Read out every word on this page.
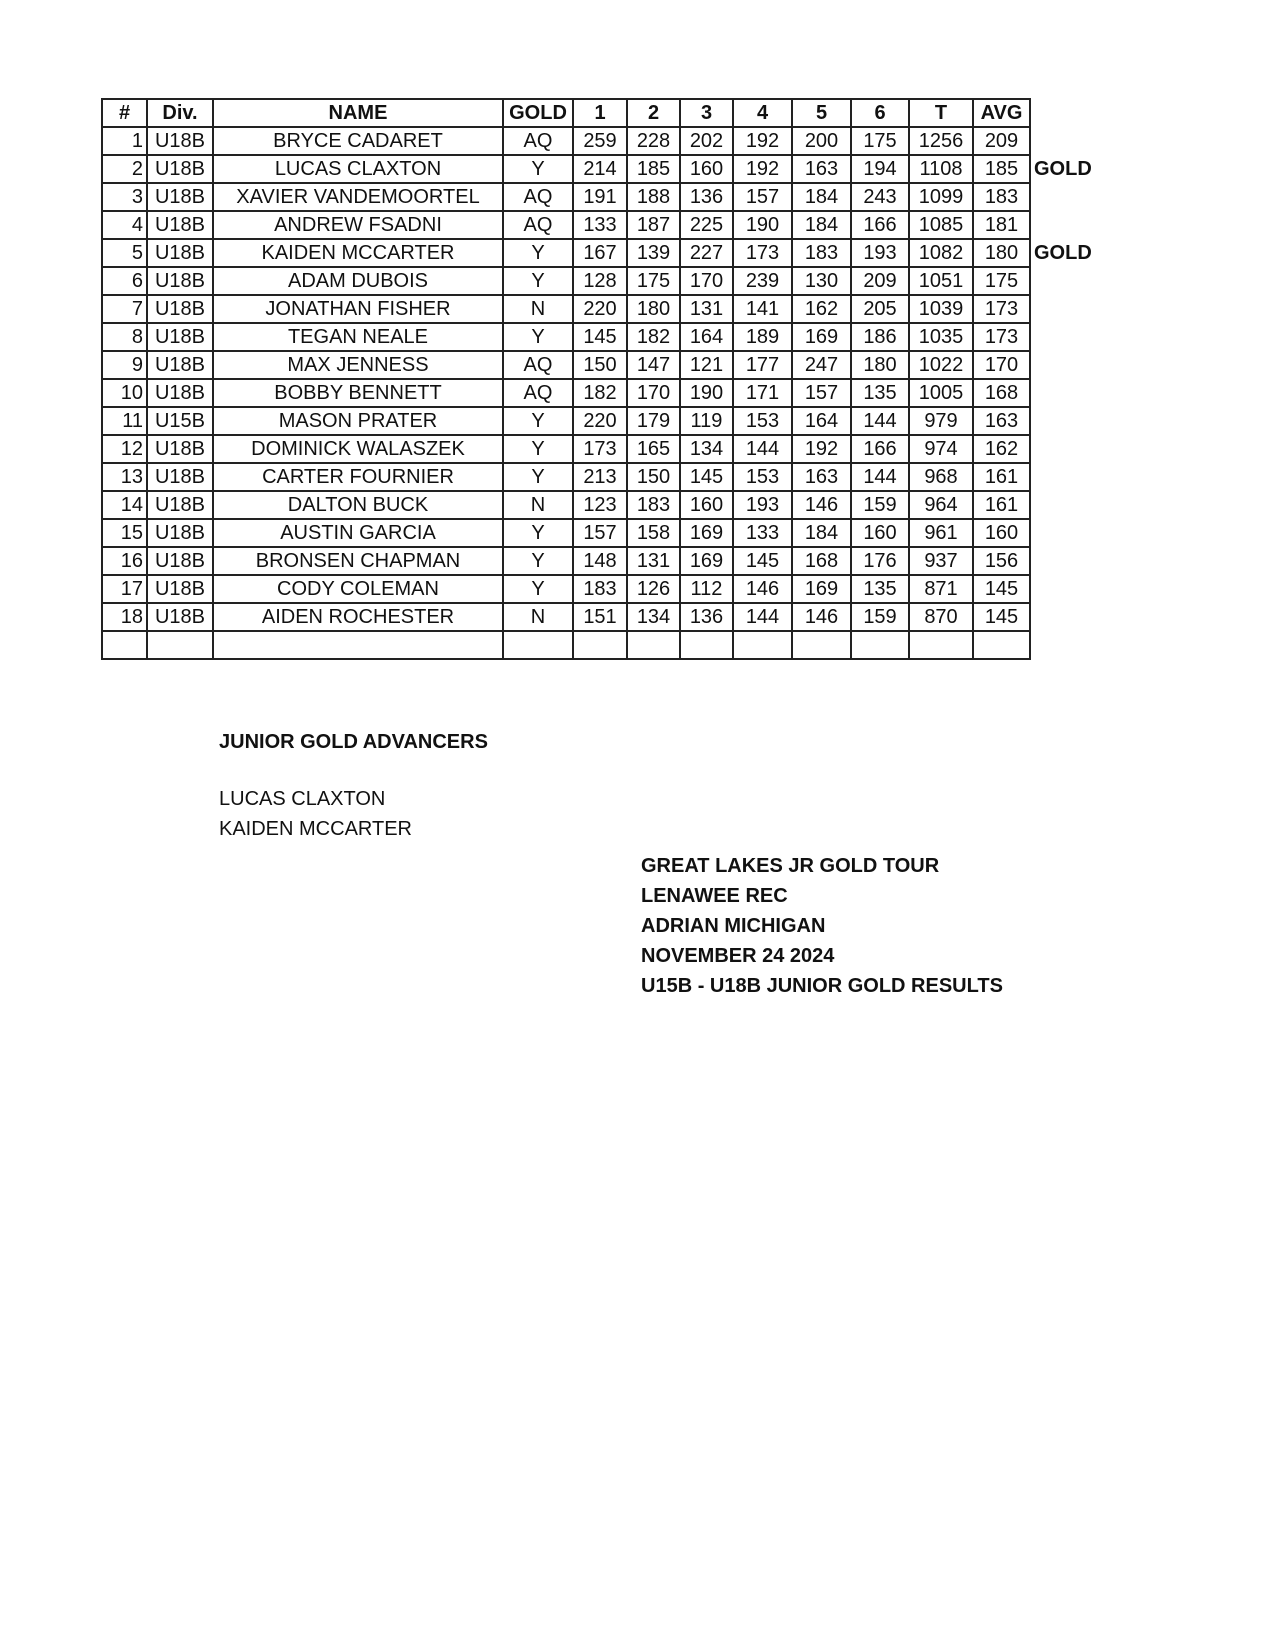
#	Div.	NAME	GOLD	1	2	3	4	5	6	T	AVG	
1	U18B	BRYCE CADARET	AQ	259	228	202	192	200	175	1256	209	
2	U18B	LUCAS CLAXTON	Y	214	185	160	192	163	194	1108	185	GOLD
3	U18B	XAVIER VANDEMOORTEL	AQ	191	188	136	157	184	243	1099	183	
4	U18B	ANDREW FSADNI	AQ	133	187	225	190	184	166	1085	181	
5	U18B	KAIDEN MCCARTER	Y	167	139	227	173	183	193	1082	180	GOLD
6	U18B	ADAM DUBOIS	Y	128	175	170	239	130	209	1051	175	
7	U18B	JONATHAN FISHER	N	220	180	131	141	162	205	1039	173	
8	U18B	TEGAN NEALE	Y	145	182	164	189	169	186	1035	173	
9	U18B	MAX JENNESS	AQ	150	147	121	177	247	180	1022	170	
10	U18B	BOBBY BENNETT	AQ	182	170	190	171	157	135	1005	168	
11	U15B	MASON PRATER	Y	220	179	119	153	164	144	979	163	
12	U18B	DOMINICK WALASZEK	Y	173	165	134	144	192	166	974	162	
13	U18B	CARTER FOURNIER	Y	213	150	145	153	163	144	968	161	
14	U18B	DALTON BUCK	N	123	183	160	193	146	159	964	161	
15	U18B	AUSTIN GARCIA	Y	157	158	169	133	184	160	961	160	
16	U18B	BRONSEN CHAPMAN	Y	148	131	169	145	168	176	937	156	
17	U18B	CODY COLEMAN	Y	183	126	112	146	169	135	871	145	
18	U18B	AIDEN ROCHESTER	N	151	134	136	144	146	159	870	145	

JUNIOR GOLD ADVANCERS
LUCAS CLAXTON
KAIDEN MCCARTER
GREAT LAKES JR GOLD TOUR
LENAWEE REC
ADRIAN MICHIGAN
NOVEMBER 24 2024
U15B - U18B JUNIOR GOLD RESULTS
